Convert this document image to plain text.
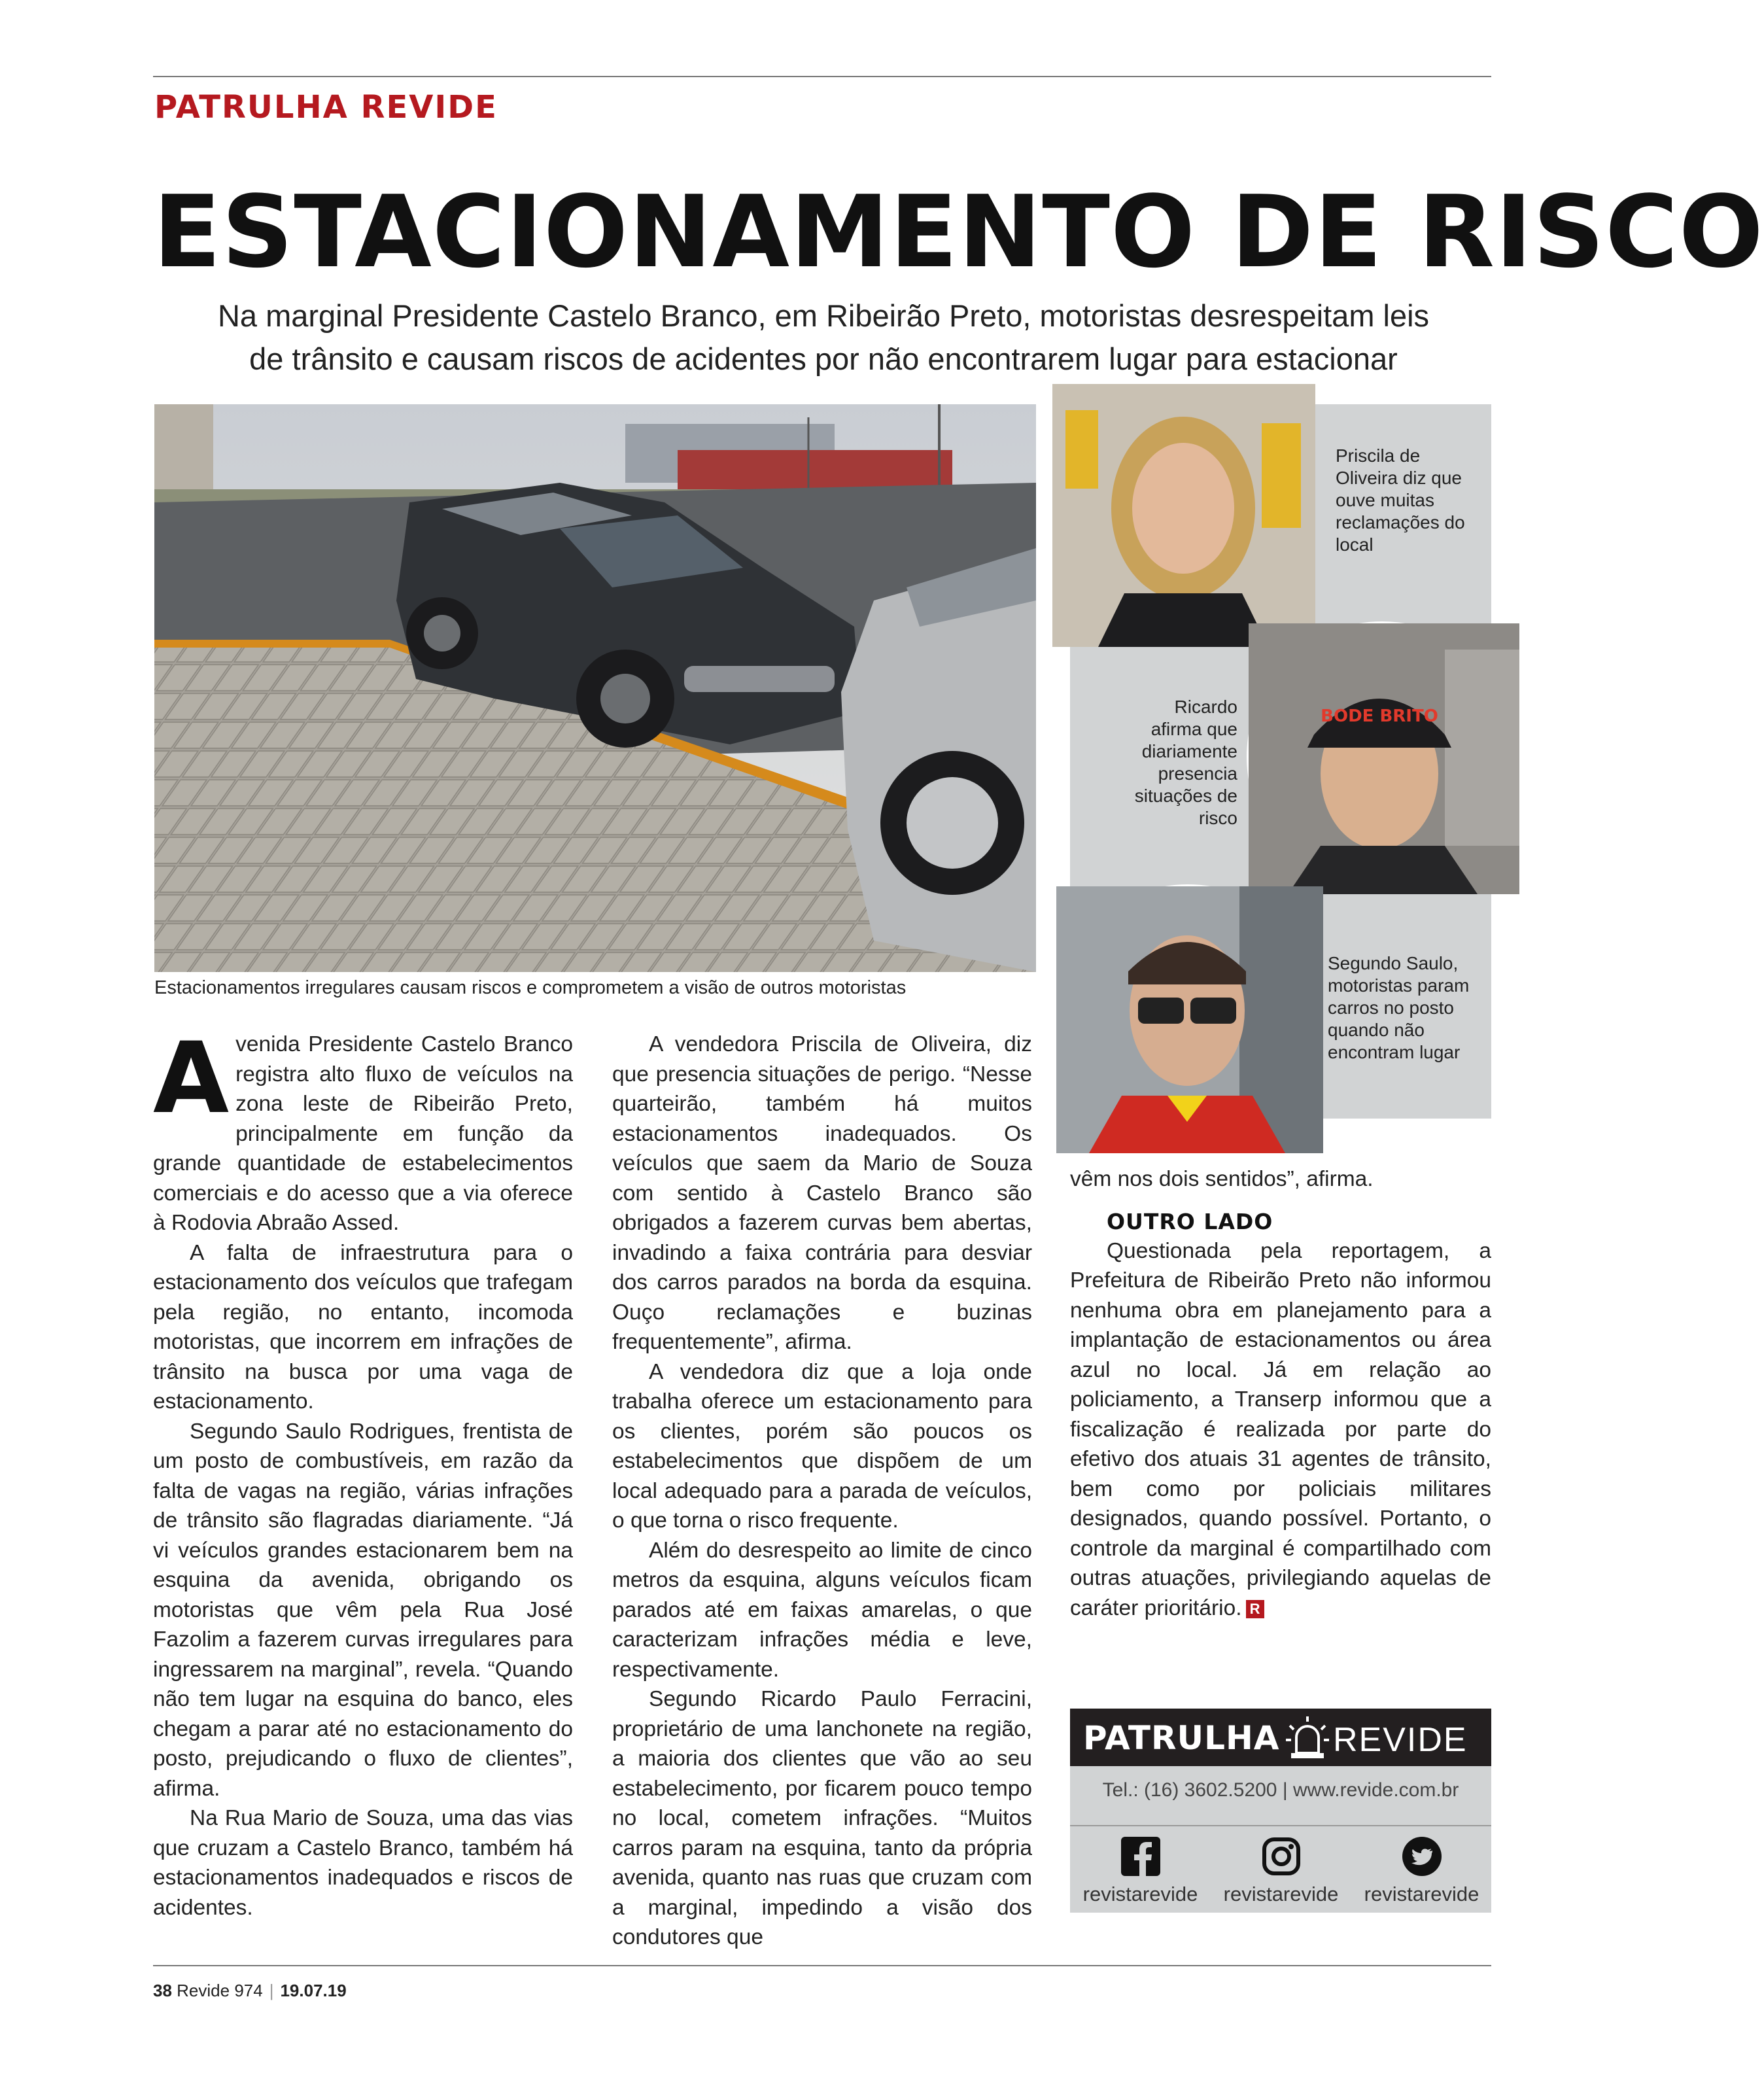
PATRULHA REVIDE
ESTACIONAMENTO DE RISCO
Na marginal Presidente Castelo Branco, em Ribeirão Preto, motoristas desrespeitam leis
de trânsito e causam riscos de acidentes por não encontrarem lugar para estacionar
Estacionamentos irregulares causam riscos e comprometem a visão de outros motoristas
Priscila de Oliveira diz que ouve muitas reclamações do local
BODE BRITO
Ricardo afirma que diariamente presencia situações de risco
Segundo Saulo, motoristas param carros no posto quando não encontram lugar

Avenida Presidente Castelo Branco registra alto fluxo de veículos na zona leste de Ribeirão Preto, principalmente em função da grande quantidade de estabelecimentos comerciais e do acesso que a via oferece à Rodovia Abraão Assed.

A falta de infraestrutura para o estacionamento dos veículos que trafegam pela região, no entanto, incomoda motoristas, que incorrem em infrações de trânsito na busca por uma vaga de estacionamento.

Segundo Saulo Rodrigues, frentista de um posto de combustíveis, em razão da falta de vagas na região, várias infrações de trânsito são flagradas diariamente. “Já vi veículos grandes estacionarem bem na esquina da avenida, obrigando os motoristas que vêm pela Rua José Fazolim a fazerem curvas irregulares para ingressarem na marginal”, revela. “Quando não tem lugar na esquina do banco, eles chegam a parar até no estacionamento do posto, prejudicando o fluxo de clientes”, afirma.

Na Rua Mario de Souza, uma das vias que cruzam a Castelo Branco, também há estacionamentos inadequados e riscos de acidentes.

A vendedora Priscila de Oliveira, diz que presencia situações de perigo. “Nesse quarteirão, também há muitos estacionamentos inadequados. Os veículos que saem da Mario de Souza com sentido à Castelo Branco são obrigados a fazerem curvas bem abertas, invadindo a faixa contrária para desviar dos carros parados na borda da esquina. Ouço reclamações e buzinas frequentemente”, afirma.

A vendedora diz que a loja onde trabalha oferece um estacionamento para os clientes, porém são poucos os estabelecimentos que dispõem de um local adequado para a parada de veículos, o que torna o risco frequente.

Além do desrespeito ao limite de cinco metros da esquina, alguns veículos ficam parados até em faixas amarelas, o que caracterizam infrações média e leve, respectivamente.

Segundo Ricardo Paulo Ferracini, proprietário de uma lanchonete na região, a maioria dos clientes que vão ao seu estabelecimento, por ficarem pouco tempo no local, cometem infrações. “Muitos carros param na esquina, tanto da própria avenida, quanto nas ruas que cruzam com a marginal, impedindo a visão dos condutores que

vêm nos dois sentidos”, afirma.

OUTRO LADO

Questionada pela reportagem, a Prefeitura de Ribeirão Preto não informou nenhuma obra em planejamento para a implantação de estacionamentos ou área azul no local. Já em relação ao policiamento, a Transerp informou que a fiscalização é realizada por parte do efetivo dos atuais 31 agentes de trânsito, bem como por policiais militares designados, quando possível. Portanto, o controle da marginal é compartilhado com outras atuações, privilegiando aquelas de caráter prioritário. R

PATRULHA REVIDE
Tel.: (16) 3602.5200 | www.revide.com.br
revistarevide	revistarevide	revistarevide
38 Revide 974 | 19.07.19
